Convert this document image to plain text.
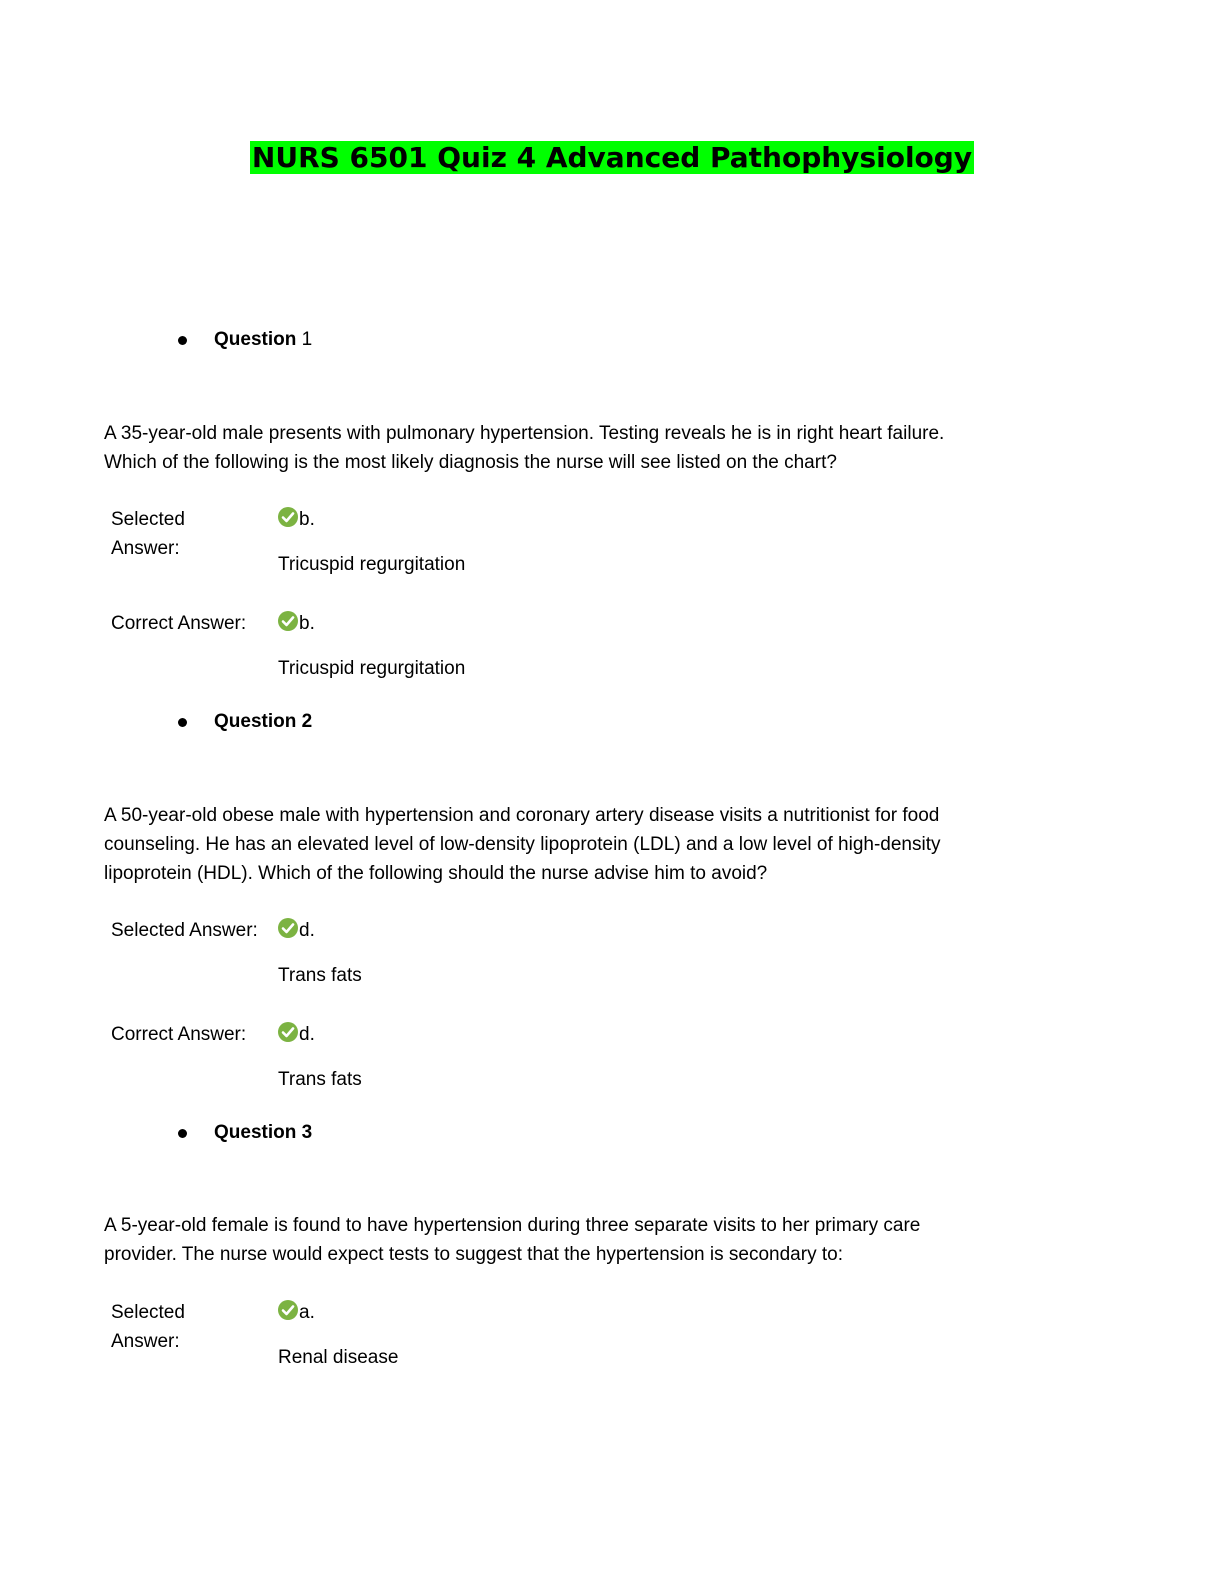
NURS 6501 Quiz 4 Advanced Pathophysiology
Question
1
A 35-year-old male presents with pulmonary hypertension. Testing reveals he is in right heart failure.
Which of the following is the most likely diagnosis the nurse will see listed on the chart?
Selected
Answer:
b.
Tricuspid regurgitation
Correct Answer:	b.
Tricuspid regurgitation
Question
2
A 50-year-old obese male with hypertension and coronary artery disease visits a nutritionist for food
counseling. He has an elevated level of low-density lipoprotein (LDL) and a low level of high-density
lipoprotein (HDL). Which of the following should the nurse advise him to avoid?
Selected Answer:	d.
Trans fats
Correct Answer:	d.
Trans fats
Question
3
A 5-year-old female is found to have hypertension during three separate visits to her primary care
provider. The nurse would expect tests to suggest that the hypertension is secondary to:
Selected
Answer:
a.
Renal disease
